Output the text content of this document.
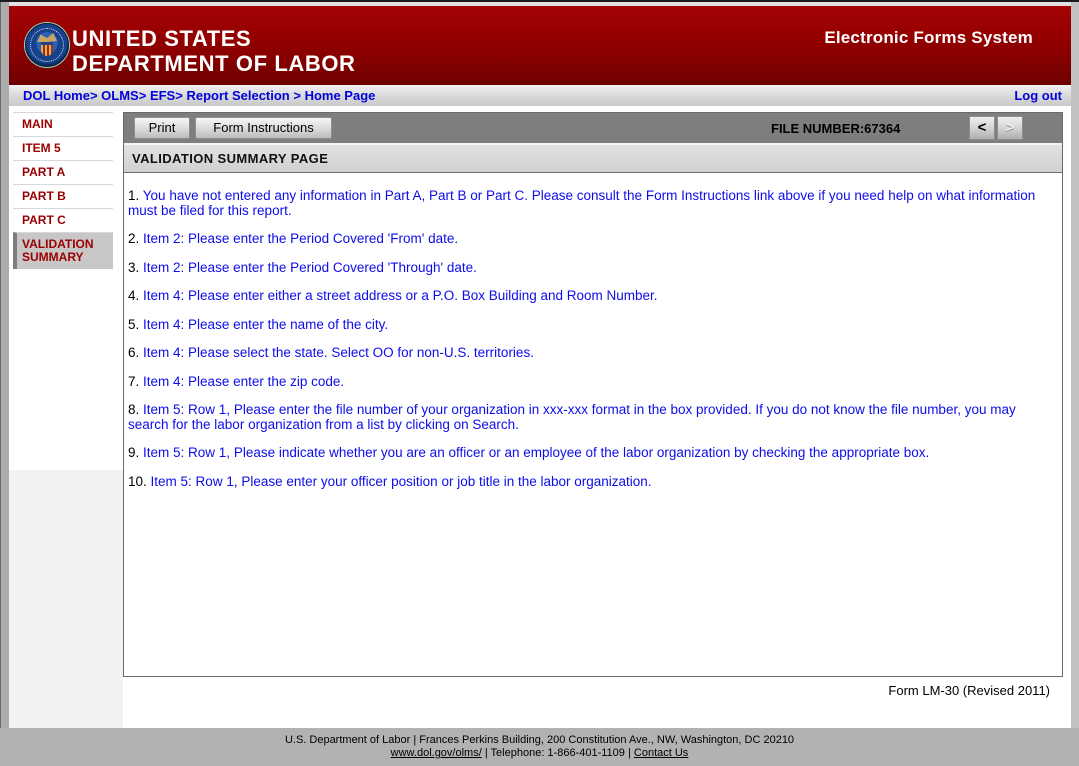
UNITED STATES
DEPARTMENT OF LABOR
Electronic Forms System

DOL Home> OLMS> EFS> Report Selection > Home Page

	Log out

MAIN
ITEM 5
PART A
PART B
PART C
VALIDATION SUMMARY
Print	Form Instructions	FILE NUMBER:67364	< >
VALIDATION SUMMARY PAGE

1. You have not entered any information in Part A, Part B or Part C. Please consult the Form Instructions link above if you need help on what information must be filed for this report.

2. Item 2: Please enter the Period Covered 'From' date.

3. Item 2: Please enter the Period Covered 'Through' date.

4. Item 4: Please enter either a street address or a P.O. Box Building and Room Number.

5. Item 4: Please enter the name of the city.

6. Item 4: Please select the state. Select OO for non-U.S. territories.

7. Item 4: Please enter the zip code.

8. Item 5: Row 1, Please enter the file number of your organization in xxx-xxx format in the box provided. If you do not know the file number, you may search for the labor organization from a list by clicking on Search.

9. Item 5: Row 1, Please indicate whether you are an officer or an employee of the labor organization by checking the appropriate box.

10. Item 5: Row 1, Please enter your officer position or job title in the labor organization.

Form LM-30 (Revised 2011)
U.S. Department of Labor | Frances Perkins Building, 200 Constitution Ave., NW, Washington, DC 20210
www.dol.gov/olms/ | Telephone: 1-866-401-1109 | Contact Us
